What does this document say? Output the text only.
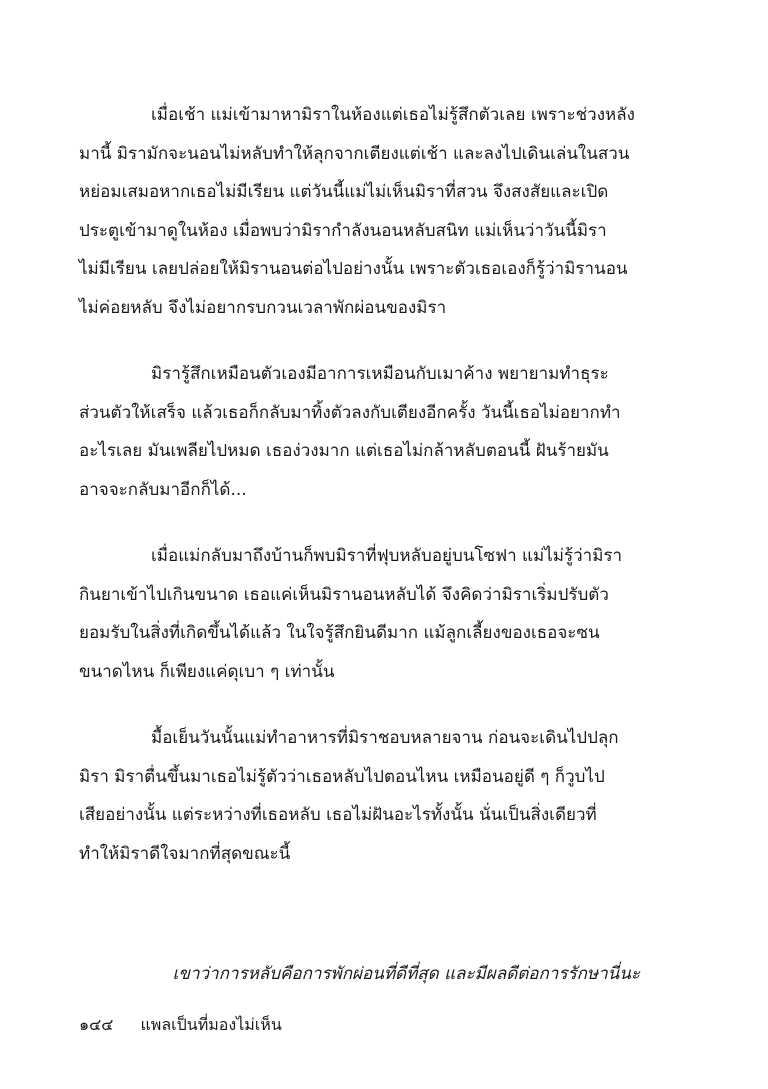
เมื่อเช้า แม่เข้ามาหามิราในห้องแต่เธอไม่รู้สึกตัวเลย เพราะช่วงหลัง
มานี้ มิรามักจะนอนไม่หลับทำให้ลุกจากเตียงแต่เช้า และลงไปเดินเล่นในสวน
หย่อมเสมอหากเธอไม่มีเรียน แต่วันนี้แม่ไม่เห็นมิราที่สวน จึงสงสัยและเปิด
ประตูเข้ามาดูในห้อง เมื่อพบว่ามิรากำลังนอนหลับสนิท แม่เห็นว่าวันนี้มิรา
ไม่มีเรียน เลยปล่อยให้มิรานอนต่อไปอย่างนั้น เพราะตัวเธอเองก็รู้ว่ามิรานอน
ไม่ค่อยหลับ จึงไม่อยากรบกวนเวลาพักผ่อนของมิรา

มิรารู้สึกเหมือนตัวเองมีอาการเหมือนกับเมาค้าง พยายามทำธุระ
ส่วนตัวให้เสร็จ แล้วเธอก็กลับมาทิ้งตัวลงกับเตียงอีกครั้ง วันนี้เธอไม่อยากทำ
อะไรเลย มันเพลียไปหมด เธอง่วงมาก แต่เธอไม่กล้าหลับตอนนี้ ฝันร้ายมัน
อาจจะกลับมาอีกก็ได้...

เมื่อแม่กลับมาถึงบ้านก็พบมิราที่ฟุบหลับอยู่บนโซฟา แม่ไม่รู้ว่ามิรา
กินยาเข้าไปเกินขนาด เธอแค่เห็นมิรานอนหลับได้ จึงคิดว่ามิราเริ่มปรับตัว
ยอมรับในสิ่งที่เกิดขึ้นได้แล้ว ในใจรู้สึกยินดีมาก แม้ลูกเลี้ยงของเธอจะซน
ขนาดไหน ก็เพียงแค่ดุเบา ๆ เท่านั้น

มื้อเย็นวันนั้นแม่ทำอาหารที่มิราชอบหลายจาน ก่อนจะเดินไปปลุก
มิรา มิราตื่นขึ้นมาเธอไม่รู้ตัวว่าเธอหลับไปตอนไหน เหมือนอยู่ดี ๆ ก็วูบไป
เสียอย่างนั้น แต่ระหว่างที่เธอหลับ เธอไม่ฝันอะไรทั้งนั้น นั่นเป็นสิ่งเดียวที่
ทำให้มิราดีใจมากที่สุดขณะนี้

เขาว่าการหลับคือการพักผ่อนที่ดีที่สุด และมีผลดีต่อการรักษานี่นะ
๑๔๔ แพลเป็นที่มองไม่เห็น
